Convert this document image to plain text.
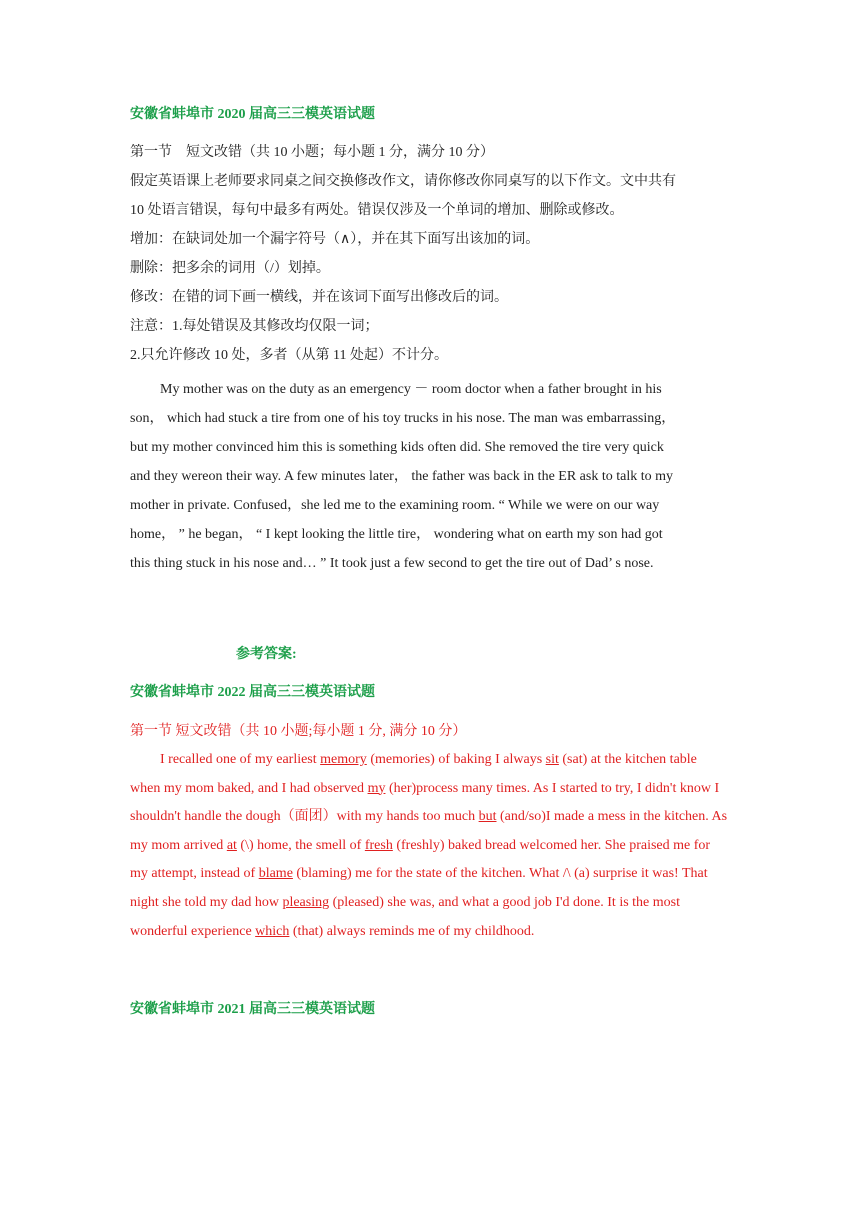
安徽省蚌埠市 2020 届高三三模英语试题
第一节　短文改错（共 10 小题；每小题 1 分，满分 10 分）
假定英语课上老师要求同桌之间交换修改作文，请你修改你同桌写的以下作文。文中共有
10 处语言错误，每句中最多有两处。错误仅涉及一个单词的增加、删除或修改。
增加：在缺词处加一个漏字符号（∧），并在其下面写出该加的词。
删除：把多余的词用（/）划掉。
修改：在错的词下画一横线，并在该词下面写出修改后的词。
注意：1.每处错误及其修改均仅限一词；
2.只允许修改 10 处，多者（从第 11 处起）不计分。
My mother was on the duty as an emergency － room doctor when a father brought in his
son， which had stuck a tire from one of his toy trucks in his nose. The man was embarrassing，
but my mother convinced him this is something kids often did. She removed the tire very quick
and they wereon their way. A few minutes later， the father was back in the ER ask to talk to my
mother in private. Confused，she led me to the examining room. “ While we were on our way
home， ” he began， “ I kept looking the little tire， wondering what on earth my son had got
this thing stuck in his nose and… ” It took just a few second to get the tire out of Dad’ s nose.
参考答案:
安徽省蚌埠市 2022 届高三三模英语试题
第一节 短文改错（共 10 小题;每小题 1 分, 满分 10 分）
I recalled one of my earliest memory (memories) of baking I always sit (sat) at the kitchen table when my mom baked, and I had observed my (her)process many times. As I started to try, I didn't know I shouldn't handle the dough（面团）with my hands too much but (and/so)I made a mess in the kitchen. As my mom arrived at (\) home, the smell of fresh (freshly) baked bread welcomed her. She praised me for my attempt, instead of blame (blaming) me for the state of the kitchen. What /\ (a) surprise it was! That night she told my dad how pleasing (pleased) she was, and what a good job I'd done. It is the most wonderful experience which (that) always reminds me of my childhood.
安徽省蚌埠市 2021 届高三三模英语试题
